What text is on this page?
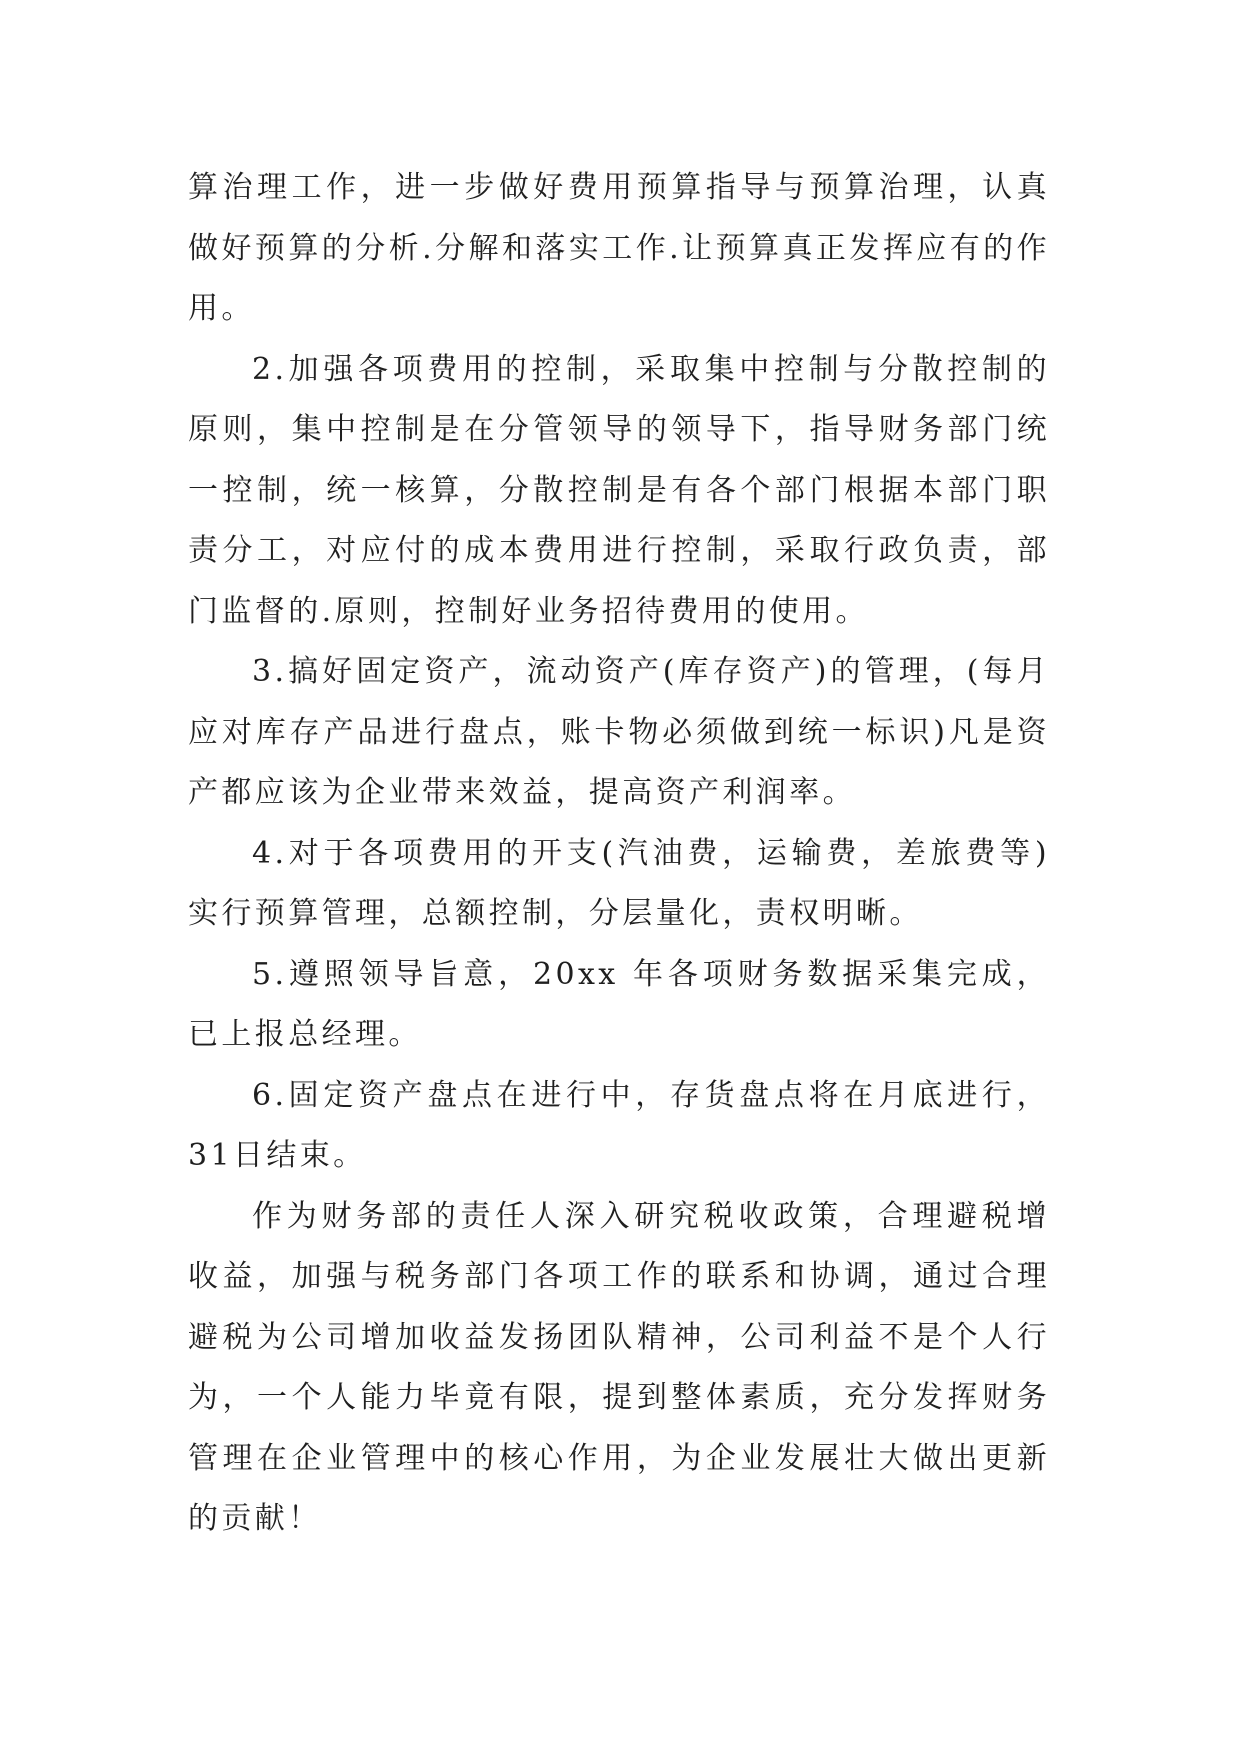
算治理工作，进一步做好费用预算指导与预算治理，认真做好预算的分析.分解和落实工作.让预算真正发挥应有的作用。

2.加强各项费用的控制，采取集中控制与分散控制的原则，集中控制是在分管领导的领导下，指导财务部门统一控制，统一核算，分散控制是有各个部门根据本部门职责分工，对应付的成本费用进行控制，采取行政负责，部门监督的.原则，控制好业务招待费用的使用。

3.搞好固定资产，流动资产(库存资产)的管理，(每月应对库存产品进行盘点，账卡物必须做到统一标识)凡是资产都应该为企业带来效益，提高资产利润率。

4.对于各项费用的开支(汽油费，运输费，差旅费等)实行预算管理，总额控制，分层量化，责权明晰。

5.遵照领导旨意，20xx 年各项财务数据采集完成，已上报总经理。

6.固定资产盘点在进行中，存货盘点将在月底进行，31日结束。

作为财务部的责任人深入研究税收政策，合理避税增收益，加强与税务部门各项工作的联系和协调，通过合理避税为公司增加收益发扬团队精神，公司利益不是个人行为，一个人能力毕竟有限，提到整体素质，充分发挥财务管理在企业管理中的核心作用，为企业发展壮大做出更新的贡献！
